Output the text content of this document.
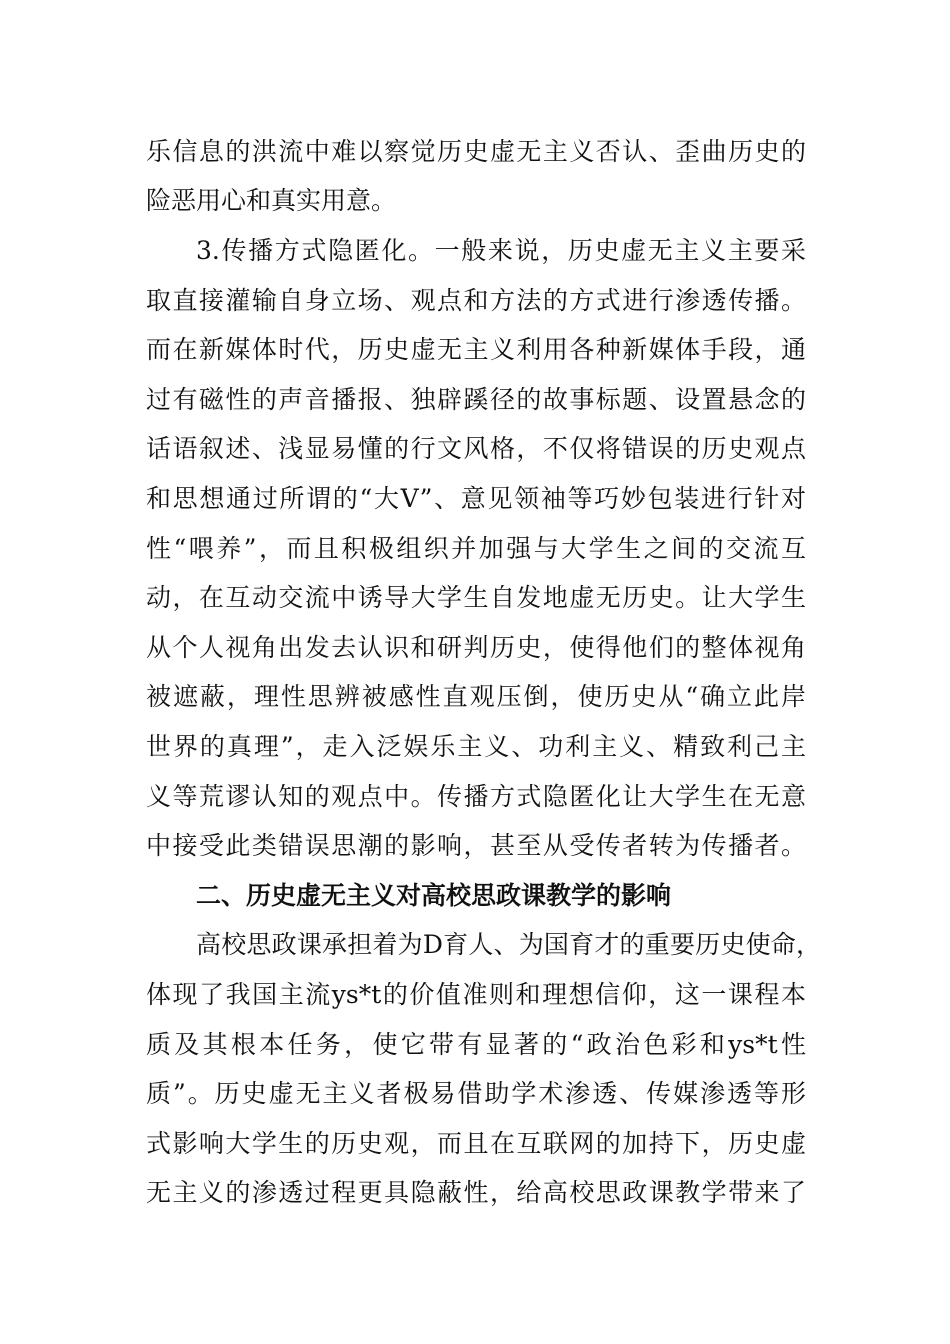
乐信息的洪流中难以察觉历史虚无主义否认、歪曲历史的
险恶用心和真实用意。
3.传播方式隐匿化。一般来说，历史虚无主义主要采
取直接灌输自身立场、观点和方法的方式进行渗透传播。
而在新媒体时代，历史虚无主义利用各种新媒体手段，通
过有磁性的声音播报、独辟蹊径的故事标题、设置悬念的
话语叙述、浅显易懂的行文风格，不仅将错误的历史观点
和思想通过所谓的“大V”、意见领袖等巧妙包装进行针对
性“喂养”，而且积极组织并加强与大学生之间的交流互
动，在互动交流中诱导大学生自发地虚无历史。让大学生
从个人视角出发去认识和研判历史，使得他们的整体视角
被遮蔽，理性思辨被感性直观压倒，使历史从“确立此岸
世界的真理”，走入泛娱乐主义、功利主义、精致利己主
义等荒谬认知的观点中。传播方式隐匿化让大学生在无意
中接受此类错误思潮的影响，甚至从受传者转为传播者。
二、历史虚无主义对高校思政课教学的影响
高校思政课承担着为D育人、为国育才的重要历史使命，
体现了我国主流ys*t的价值准则和理想信仰，这一课程本
质及其根本任务，使它带有显著的“政治色彩和ys*t性
质”。历史虚无主义者极易借助学术渗透、传媒渗透等形
式影响大学生的历史观，而且在互联网的加持下，历史虚
无主义的渗透过程更具隐蔽性，给高校思政课教学带来了
